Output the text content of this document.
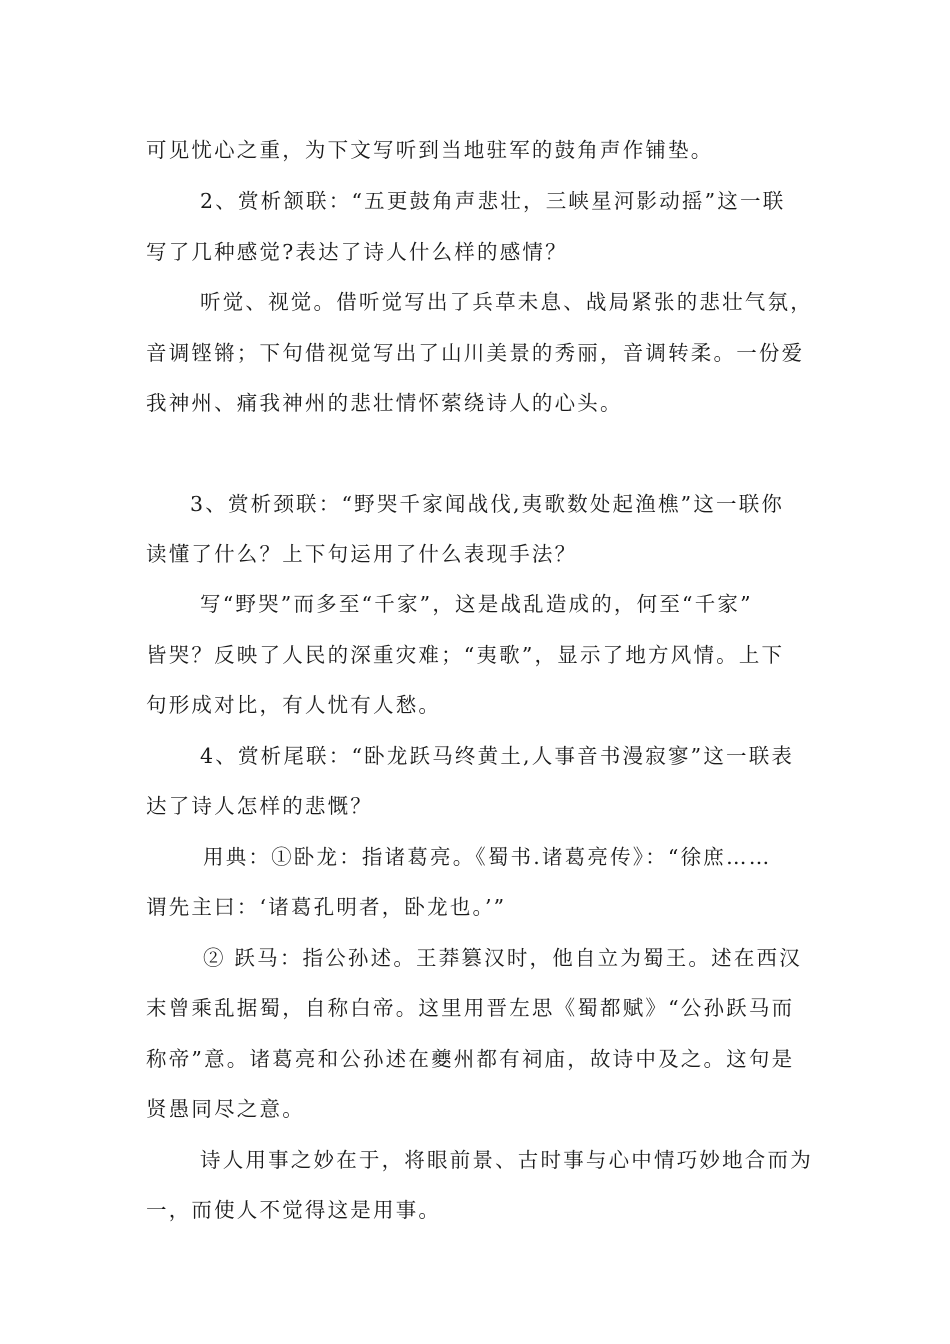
可见忧心之重，为下文写听到当地驻军的鼓角声作铺垫。
2、赏析颔联：“五更鼓角声悲壮，三峡星河影动摇”这一联
写了几种感觉?表达了诗人什么样的感情？
听觉、视觉。借听觉写出了兵草未息、战局紧张的悲壮气氛，
音调铿锵；下句借视觉写出了山川美景的秀丽，音调转柔。一份爱
我神州、痛我神州的悲壮情怀萦绕诗人的心头。
3、赏析颈联：“野哭千家闻战伐,夷歌数处起渔樵”这一联你
读懂了什么？上下句运用了什么表现手法？
写“野哭”而多至“千家”，这是战乱造成的，何至“千家”
皆哭？反映了人民的深重灾难；“夷歌”，显示了地方风情。上下
句形成对比，有人忧有人愁。
4、赏析尾联：“卧龙跃马终黄土,人事音书漫寂寥”这一联表
达了诗人怎样的悲慨？
用典：①卧龙：指诸葛亮。《蜀书.诸葛亮传》：“徐庶……
谓先主曰：‘诸葛孔明者，卧龙也。’”
② 跃马：指公孙述。王莽篡汉时，他自立为蜀王。述在西汉
末曾乘乱据蜀，自称白帝。这里用晋左思《蜀都赋》“公孙跃马而
称帝”意。诸葛亮和公孙述在夔州都有祠庙，故诗中及之。这句是
贤愚同尽之意。
诗人用事之妙在于，将眼前景、古时事与心中情巧妙地合而为
一，而使人不觉得这是用事。
